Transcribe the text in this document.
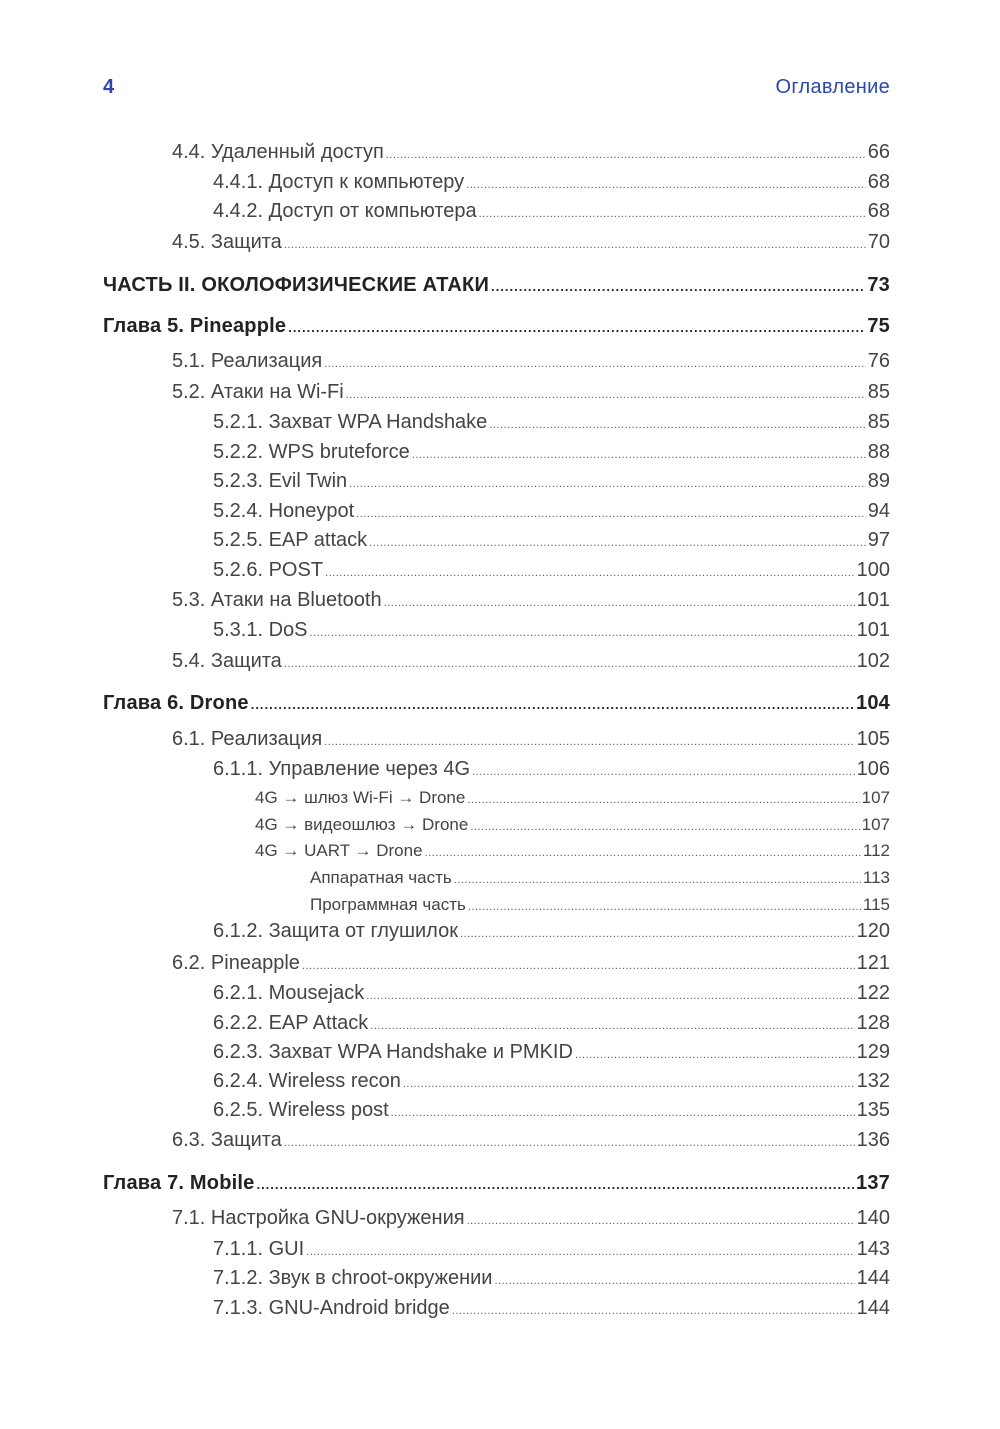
4	Оглавление
4.4. Удаленный доступ .....	66
4.4.1. Доступ к компьютеру .....	68
4.4.2. Доступ от компьютера .....	68
4.5. Защита .....	70
ЧАСТЬ II. ОКОЛОФИЗИЧЕСКИЕ АТАКИ .....	73
Глава 5. Pineapple .....	75
5.1. Реализация .....	76
5.2. Атаки на Wi-Fi .....	85
5.2.1. Захват WPA Handshake .....	85
5.2.2. WPS bruteforce .....	88
5.2.3. Evil Twin .....	89
5.2.4. Honeypot .....	94
5.2.5. EAP attack .....	97
5.2.6. POST .....	100
5.3. Атаки на Bluetooth .....	101
5.3.1. DoS .....	101
5.4. Защита .....	102
Глава 6. Drone .....	104
6.1. Реализация .....	105
6.1.1. Управление через 4G .....	106
4G → шлюз Wi-Fi → Drone .....	107
4G → видеошлюз → Drone .....	107
4G → UART → Drone .....	112
Аппаратная часть .....	113
Программная часть .....	115
6.1.2. Защита от глушилок .....	120
6.2. Pineapple .....	121
6.2.1. Mousejack .....	122
6.2.2. EAP Attack .....	128
6.2.3. Захват WPA Handshake и PMKID .....	129
6.2.4. Wireless recon .....	132
6.2.5. Wireless post .....	135
6.3. Защита .....	136
Глава 7. Mobile .....	137
7.1. Настройка GNU-окружения .....	140
7.1.1. GUI .....	143
7.1.2. Звук в chroot-окружении .....	144
7.1.3. GNU-Android bridge .....	144
